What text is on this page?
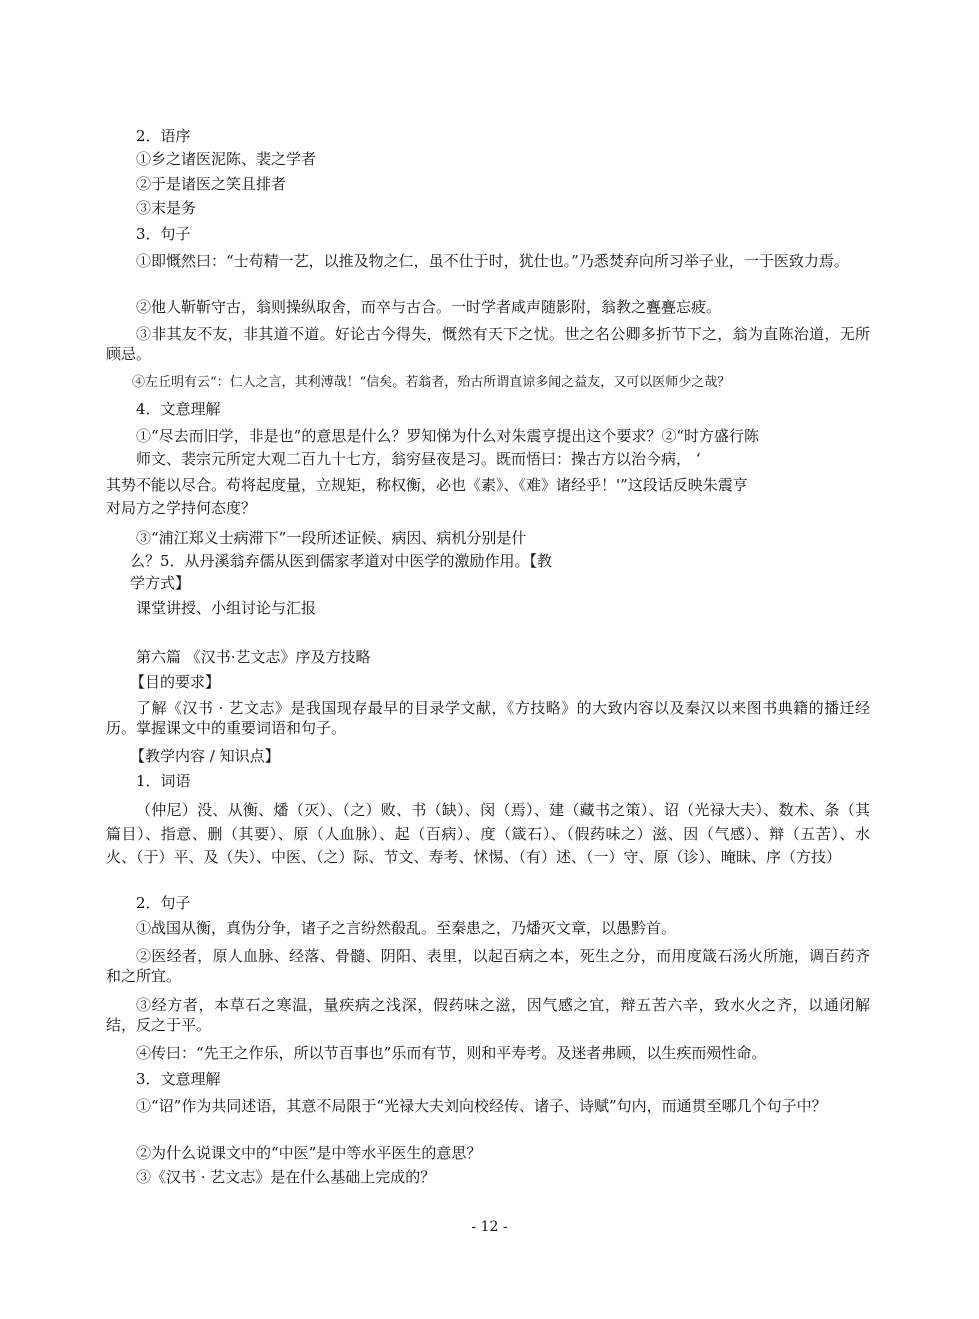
2．语序

①乡之诸医泥陈、裴之学者

②于是诸医之笑且排者

③末是务

3．句子

①即慨然曰：“士苟精一艺，以推及物之仁，虽不仕于时，犹仕也。”乃悉焚弃向所习举子业，一于医致力焉。

②他人靳靳守古，翁则操纵取舍，而卒与古合。一时学者咸声随影附，翁教之亹亹忘疲。

③非其友不友，非其道不道。好论古今得失，慨然有天下之忧。世之名公卿多折节下之，翁为直陈治道，无所顾忌。

④左丘明有云“：仁人之言，其利溥哉！”信矣。若翁者，殆古所谓直谅多闻之益友，又可以医师少之哉？

4．文意理解

①“尽去而旧学，非是也”的意思是什么？罗知悌为什么对朱震亨提出这个要求？②“时方盛行陈

师文、裴宗元所定大观二百九十七方，翁穷昼夜是习。既而悟曰：操古方以治今病， ‘

其势不能以尽合。苟将起度量，立规矩，称权衡，必也《素》、《难》诸经乎！'”这段话反映朱震亨

对局方之学持何态度？

③“浦江郑义士病滞下”一段所述证候、病因、病机分别是什

么？5．从丹溪翁弃儒从医到儒家孝道对中医学的激励作用。【教

学方式】

课堂讲授、小组讨论与汇报

第六篇 《汉书·艺文志》序及方技略

【目的要求】

了解《汉书 · 艺文志》是我国现存最早的目录学文献，《方技略》的大致内容以及秦汉以来图书典籍的播迁经历。掌握课文中的重要词语和句子。

【教学内容 / 知识点】

1．词语

（仲尼）没、从衡、燔（灭）、（之）败、书（缺）、闵（焉）、建（藏书之策）、诏（光禄大夫）、数术、条（其篇目）、指意、删（其要）、原（人血脉）、起（百病）、度（箴石）、（假药味之）滋、因（气感）、辩（五苦）、水火、（于）平、及（失）、中医、（之）际、节文、寿考、怵惕、（有）述、（一）守、原（诊）、晻昧、序（方技）

2．句子

①战国从衡，真伪分争，诸子之言纷然殽乱。至秦患之，乃燔灭文章，以愚黔首。

②医经者，原人血脉、经落、骨髓、阴阳、表里，以起百病之本，死生之分，而用度箴石汤火所施，调百药齐和之所宜。

③经方者，本草石之寒温，量疾病之浅深，假药味之滋，因气感之宜，辩五苦六辛，致水火之齐，以通闭解结，反之于平。

④传曰：“先王之作乐，所以节百事也”乐而有节，则和平寿考。及迷者弗顾，以生疾而殒性命。

3．文意理解

①“诏”作为共同述语，其意不局限于“光禄大夫刘向校经传、诸子、诗赋”句内，而通贯至哪几个句子中？

②为什么说课文中的“中医”是中等水平医生的意思？

③《汉书 · 艺文志》是在什么基础上完成的？

- 12 -
